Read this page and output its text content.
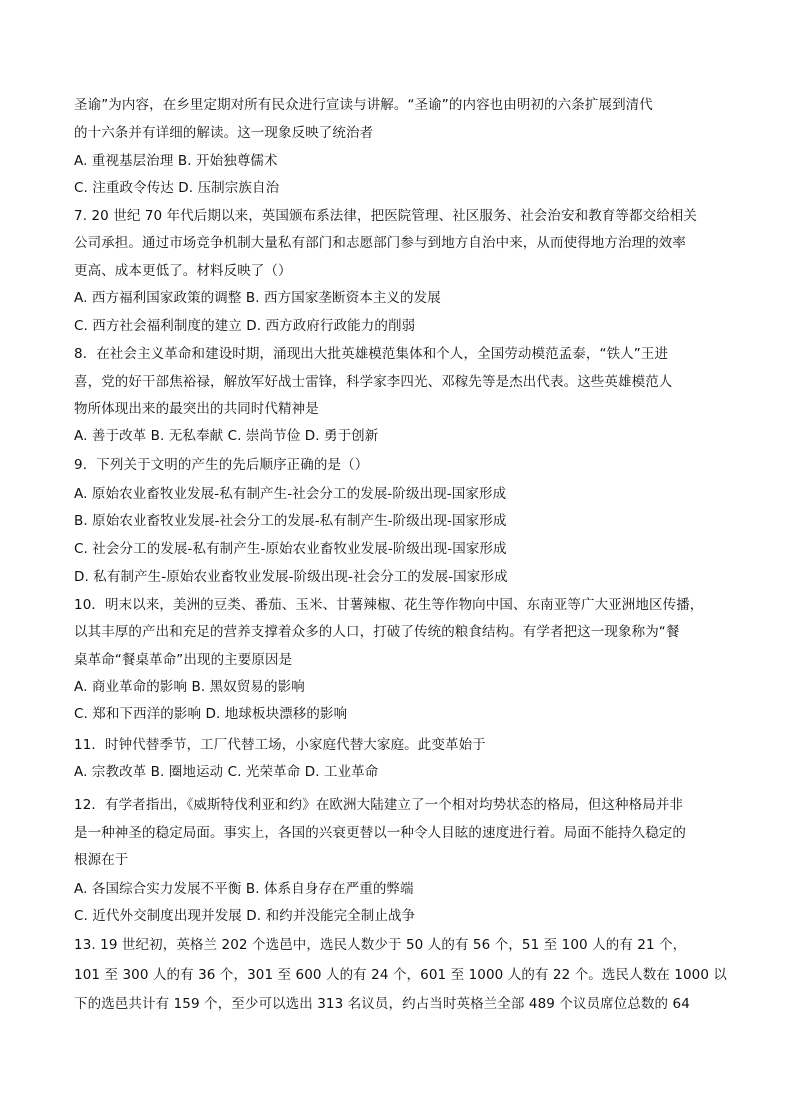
圣谕”为内容，在乡里定期对所有民众进行宣读与讲解。“圣谕”的内容也由明初的六条扩展到清代
的十六条并有详细的解读。这一现象反映了统治者
A. 重视基层治理 B. 开始独尊儒术
C. 注重政令传达 D. 压制宗族自治
7. 20 世纪 70 年代后期以来，英国颁布系法律，把医院管理、社区服务、社会治安和教育等都交给相关
公司承担。通过市场竞争机制大量私有部门和志愿部门参与到地方自治中来，从而使得地方治理的效率
更高、成本更低了。材料反映了（）
A. 西方福利国家政策的调整 B. 西方国家垄断资本主义的发展
C. 西方社会福利制度的建立 D. 西方政府行政能力的削弱
8．在社会主义革命和建设时期，涌现出大批英雄模范集体和个人，全国劳动模范孟泰，“铁人”王进
喜，党的好干部焦裕禄，解放军好战士雷锋，科学家李四光、邓稼先等是杰出代表。这些英雄模范人
物所体现出来的最突出的共同时代精神是
A. 善于改革 B. 无私奉献 C. 崇尚节俭 D. 勇于创新
9．下列关于文明的产生的先后顺序正确的是（）
A. 原始农业畜牧业发展-私有制产生-社会分工的发展-阶级出现-国家形成
B. 原始农业畜牧业发展-社会分工的发展-私有制产生-阶级出现-国家形成
C. 社会分工的发展-私有制产生-原始农业畜牧业发展-阶级出现-国家形成
D. 私有制产生-原始农业畜牧业发展-阶级出现-社会分工的发展-国家形成
10．明末以来，美洲的豆类、番茄、玉米、甘薯辣椒、花生等作物向中国、东南亚等广大亚洲地区传播，
以其丰厚的产出和充足的营养支撑着众多的人口，打破了传统的粮食结构。有学者把这一现象称为“餐
桌革命“餐桌革命”出现的主要原因是
A. 商业革命的影响 B. 黑奴贸易的影响
C. 郑和下西洋的影响 D. 地球板块漂移的影响
11．时钟代替季节，工厂代替工场，小家庭代替大家庭。此变革始于
A. 宗教改革 B. 圈地运动 C. 光荣革命 D. 工业革命
12．有学者指出，《威斯特伐利亚和约》在欧洲大陆建立了一个相对均势状态的格局，但这种格局并非
是一种神圣的稳定局面。事实上，各国的兴衰更替以一种令人目眩的速度进行着。局面不能持久稳定的
根源在于
A. 各国综合实力发展不平衡 B. 体系自身存在严重的弊端
C. 近代外交制度出现并发展 D. 和约并没能完全制止战争
13. 19 世纪初，英格兰 202 个选邑中，选民人数少于 50 人的有 56 个，51 至 100 人的有 21 个，
101 至 300 人的有 36 个，301 至 600 人的有 24 个，601 至 1000 人的有 22 个。选民人数在 1000 以
下的选邑共计有 159 个，至少可以选出 313 名议员，约占当时英格兰全部 489 个议员席位总数的 64
